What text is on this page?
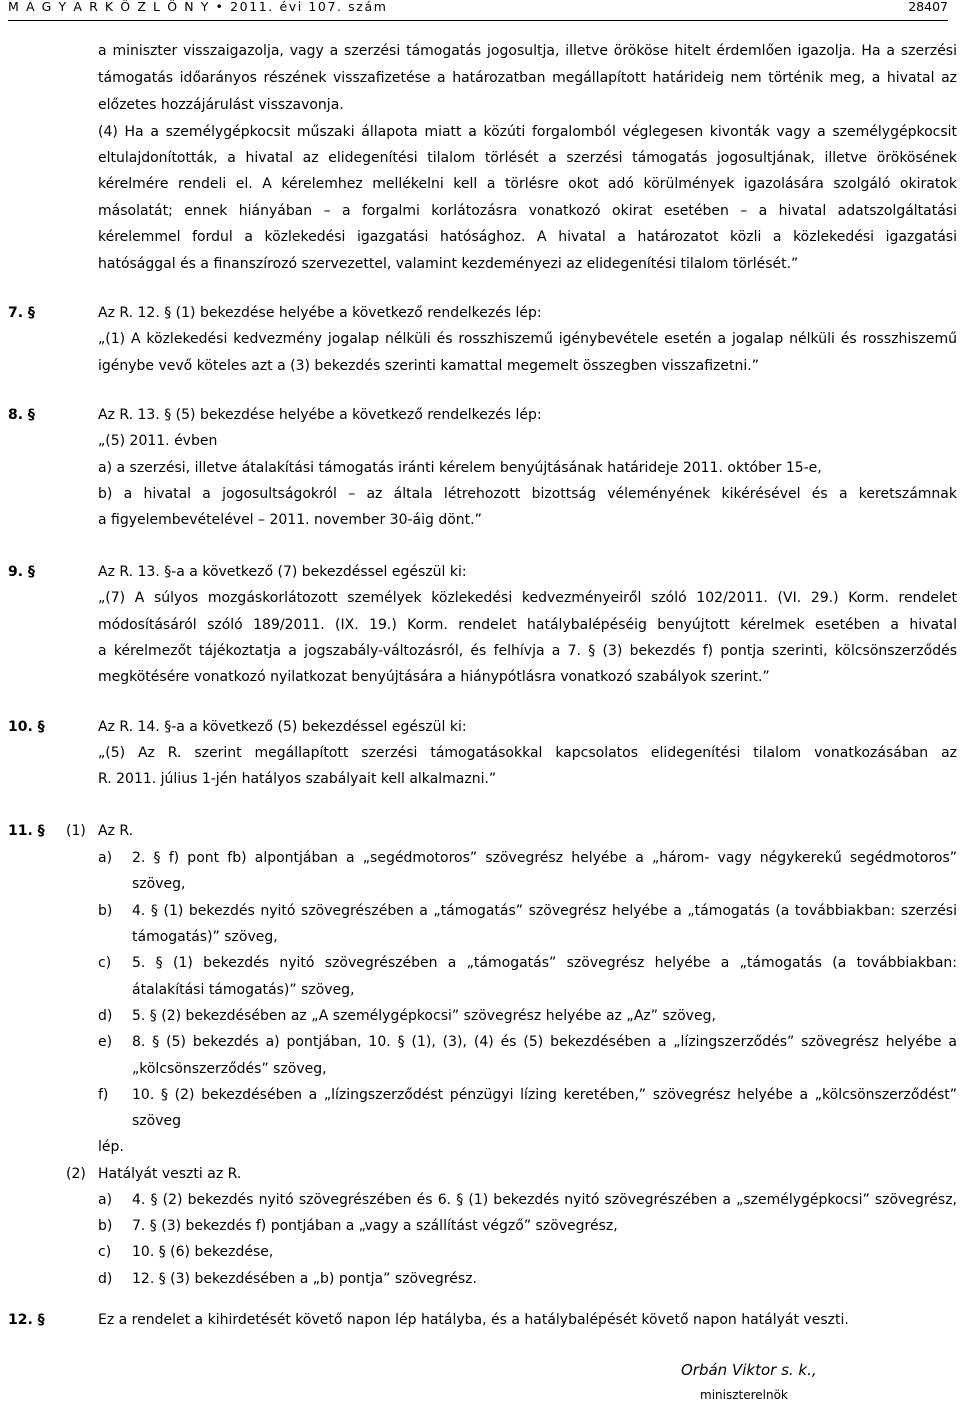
M A G Y A R K Ö Z L Ö N Y • 2011. évi 107. szám	28407
a miniszter visszaigazolja, vagy a szerzési támogatás jogosultja, illetve örököse hitelt érdemlően igazolja. Ha a szerzési
támogatás időarányos részének visszafizetése a határozatban megállapított határideig nem történik meg, a hivatal az
előzetes hozzájárulást visszavonja.
(4) Ha a személygépkocsit műszaki állapota miatt a közúti forgalomból véglegesen kivonták vagy a személygépkocsit
eltulajdonították, a hivatal az elidegenítési tilalom törlését a szerzési támogatás jogosultjának, illetve örökösének
kérelmére rendeli el. A kérelemhez mellékelni kell a törlésre okot adó körülmények igazolására szolgáló okiratok
másolatát; ennek hiányában – a forgalmi korlátozásra vonatkozó okirat esetében – a hivatal adatszolgáltatási
kérelemmel fordul a közlekedési igazgatási hatósághoz. A hivatal a határozatot közli a közlekedési igazgatási
hatósággal és a finanszírozó szervezettel, valamint kezdeményezi az elidegenítési tilalom törlését.”
7. §	Az R. 12. § (1) bekezdése helyébe a következő rendelkezés lép:
„(1) A közlekedési kedvezmény jogalap nélküli és rosszhiszemű igénybevétele esetén a jogalap nélküli és rosszhiszemű
igénybe vevő köteles azt a (3) bekezdés szerinti kamattal megemelt összegben visszafizetni.”
8. §	Az R. 13. § (5) bekezdése helyébe a következő rendelkezés lép:
„(5) 2011. évben
a) a szerzési, illetve átalakítási támogatás iránti kérelem benyújtásának határideje 2011. október 15-e,
b) a hivatal a jogosultságokról – az általa létrehozott bizottság véleményének kikérésével és a keretszámnak
a figyelembevételével – 2011. november 30-áig dönt.”
9. §	Az R. 13. §-a a következő (7) bekezdéssel egészül ki:
„(7) A súlyos mozgáskorlátozott személyek közlekedési kedvezményeiről szóló 102/2011. (VI. 29.) Korm. rendelet
módosításáról szóló 189/2011. (IX. 19.) Korm. rendelet hatálybalépéséig benyújtott kérelmek esetében a hivatal
a kérelmezőt tájékoztatja a jogszabály-változásról, és felhívja a 7. § (3) bekezdés f) pontja szerinti, kölcsönszerződés
megkötésére vonatkozó nyilatkozat benyújtására a hiánypótlásra vonatkozó szabályok szerint.”
10. §	Az R. 14. §-a a következő (5) bekezdéssel egészül ki:
„(5) Az R. szerint megállapított szerzési támogatásokkal kapcsolatos elidegenítési tilalom vonatkozásában az
R. 2011. július 1-jén hatályos szabályait kell alkalmazni.”
11. § (1) Az R.
a) 2. § f) pont fb) alpontjában a „segédmotoros” szövegrész helyébe a „három- vagy négykerekű segédmotoros”
szöveg,
b) 4. § (1) bekezdés nyitó szövegrészében a „támogatás” szövegrész helyébe a „támogatás (a továbbiakban: szerzési
támogatás)” szöveg,
c) 5. § (1) bekezdés nyitó szövegrészében a „támogatás” szövegrész helyébe a „támogatás (a továbbiakban:
átalakítási támogatás)” szöveg,
d) 5. § (2) bekezdésében az „A személygépkocsi” szövegrész helyébe az „Az” szöveg,
e) 8. § (5) bekezdés a) pontjában, 10. § (1), (3), (4) és (5) bekezdésében a „lízingszerződés” szövegrész helyébe a
„kölcsönszerződés” szöveg,
f) 10. § (2) bekezdésében a „lízingszerződést pénzügyi lízing keretében,” szövegrész helyébe a „kölcsönszerződést”
szöveg
lép.
(2) Hatályát veszti az R.
a) 4. § (2) bekezdés nyitó szövegrészében és 6. § (1) bekezdés nyitó szövegrészében a „személygépkocsi” szövegrész,
b) 7. § (3) bekezdés f) pontjában a „vagy a szállítást végző” szövegrész,
c) 10. § (6) bekezdése,
d) 12. § (3) bekezdésében a „b) pontja” szövegrész.
12. §	Ez a rendelet a kihirdetését követő napon lép hatályba, és a hatálybalépését követő napon hatályát veszti.
Orbán Viktor s. k.,
miniszterelnök
